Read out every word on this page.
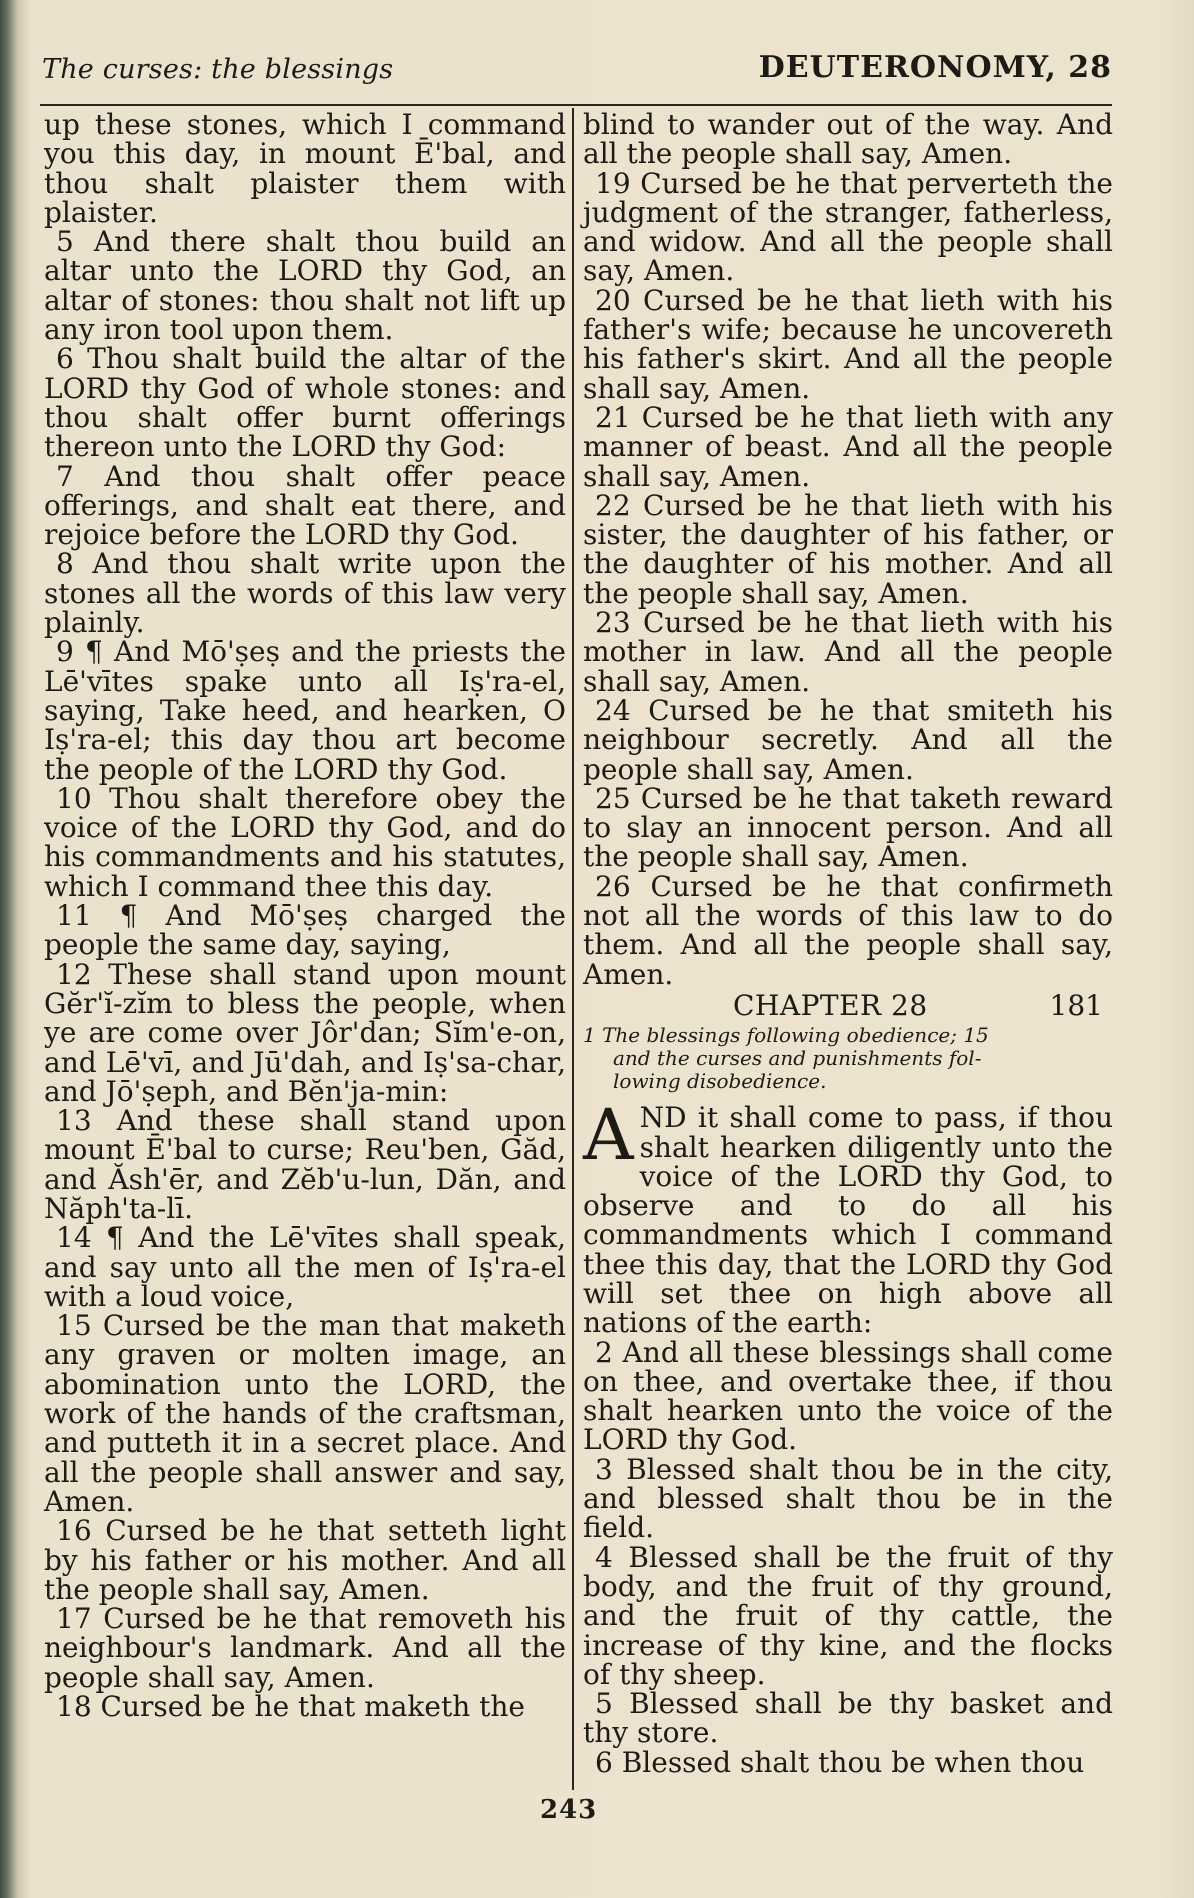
The curses: the blessings	DEUTERONOMY, 28

up these stones, which I command you this day, in mount Ē'bal, and thou shalt plaister them with plaister.

5 And there shalt thou build an altar unto the LORD thy God, an altar of stones: thou shalt not lift up any iron tool upon them.

6 Thou shalt build the altar of the LORD thy God of whole stones: and thou shalt offer burnt offerings thereon unto the LORD thy God:

7 And thou shalt offer peace offerings, and shalt eat there, and rejoice before the LORD thy God.

8 And thou shalt write upon the stones all the words of this law very plainly.

9 ¶ And Mō'ṣeṣ and the priests the Lē'vītes spake unto all Iṣ'ra-el, saying, Take heed, and hearken, O Iṣ'ra-el; this day thou art become the people of the LORD thy God.

10 Thou shalt therefore obey the voice of the LORD thy God, and do his commandments and his statutes, which I command thee this day.

11 ¶ And Mō'ṣeṣ charged the people the same day, saying,

12 These shall stand upon mount Gĕr'ĭ-zĭm to bless the people, when ye are come over Jôr'dan; Sĭm'e-on, and Lē'vī, and Jū'dah, and Iṣ'sa-char, and Jō'ṣeph, and Bĕn'ja-min:

13 And these shall stand upon mount Ē'bal to curse; Reu'ben, Găd, and Ăsh'ēr, and Zĕb'u-lun, Dăn, and Năph'ta-lī.

14 ¶ And the Lē'vītes shall speak, and say unto all the men of Iṣ'ra-el with a loud voice,

15 Cursed be the man that maketh any graven or molten image, an abomination unto the LORD, the work of the hands of the craftsman, and putteth it in a secret place. And all the people shall answer and say, Amen.

16 Cursed be he that setteth light by his father or his mother. And all the people shall say, Amen.

17 Cursed be he that removeth his neighbour's landmark. And all the people shall say, Amen.

18 Cursed be he that maketh the

blind to wander out of the way. And all the people shall say, Amen.

19 Cursed be he that perverteth the judgment of the stranger, fatherless, and widow. And all the people shall say, Amen.

20 Cursed be he that lieth with his father's wife; because he uncovereth his father's skirt. And all the people shall say, Amen.

21 Cursed be he that lieth with any manner of beast. And all the people shall say, Amen.

22 Cursed be he that lieth with his sister, the daughter of his father, or the daughter of his mother. And all the people shall say, Amen.

23 Cursed be he that lieth with his mother in law. And all the people shall say, Amen.

24 Cursed be he that smiteth his neighbour secretly. And all the people shall say, Amen.

25 Cursed be he that taketh reward to slay an innocent person. And all the people shall say, Amen.

26 Cursed be he that confirmeth not all the words of this law to do them. And all the people shall say, Amen.

CHAPTER 28	181
1 The blessings following obedience; 15
and the curses and punishments fol-
lowing disobedience.

A ND it shall come to pass, if thou shalt hearken diligently unto the voice of the LORD thy God, to observe and to do all his commandments which I command thee this day, that the LORD thy God will set thee on high above all nations of the earth:

2 And all these blessings shall come on thee, and overtake thee, if thou shalt hearken unto the voice of the LORD thy God.

3 Blessed shalt thou be in the city, and blessed shalt thou be in the field.

4 Blessed shall be the fruit of thy body, and the fruit of thy ground, and the fruit of thy cattle, the increase of thy kine, and the flocks of thy sheep.

5 Blessed shall be thy basket and thy store.

6 Blessed shalt thou be when thou

243
